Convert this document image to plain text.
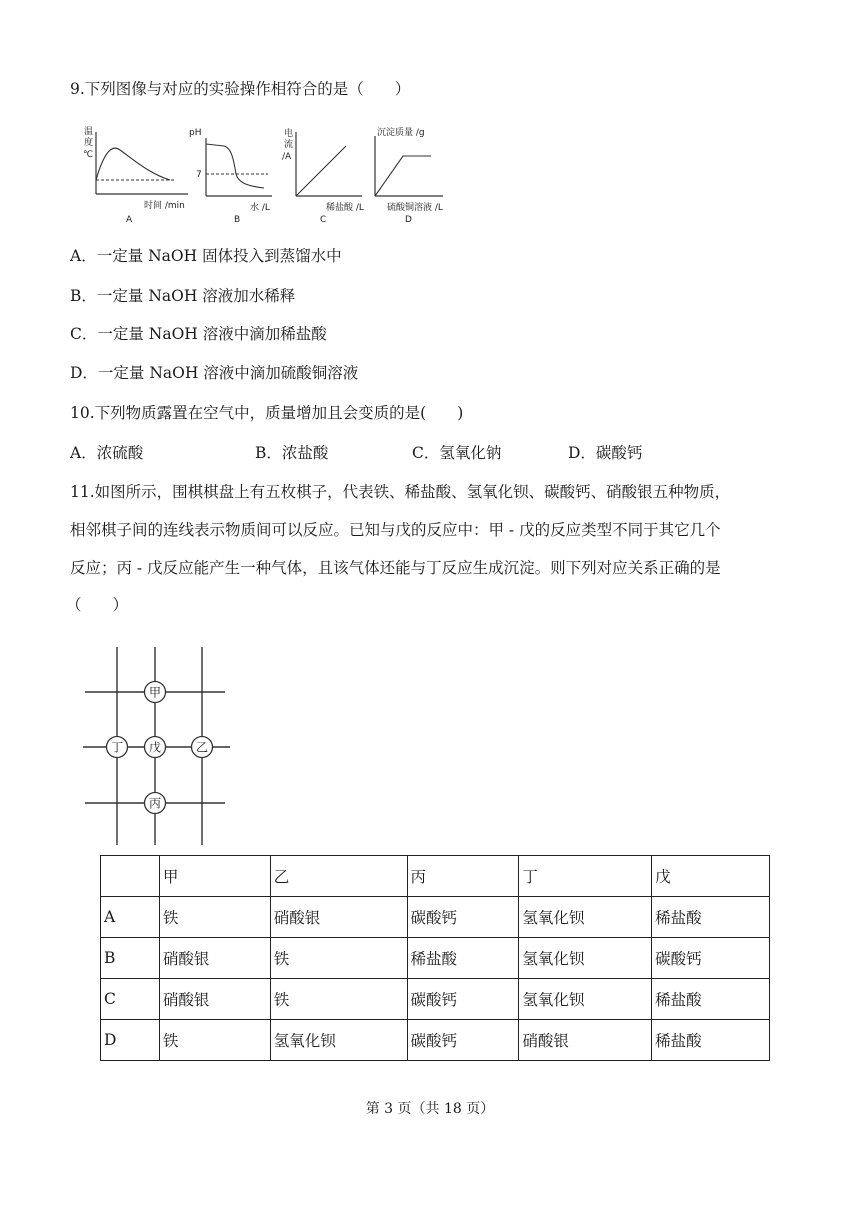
9.下列图像与对应的实验操作相符合的是（　　）
温
度
℃
时间 /min
A
pH
7
水 /L
B
电
流
/A
稀盐酸 /L
C
沉淀质量 /g
硫酸铜溶液 /L
D
A．一定量 NaOH 固体投入到蒸馏水中
B．一定量 NaOH 溶液加水稀释
C．一定量 NaOH 溶液中滴加稀盐酸
D．一定量 NaOH 溶液中滴加硫酸铜溶液
10.下列物质露置在空气中，质量增加且会变质的是(　　)
A．浓硫酸	B．浓盐酸	C．氢氧化钠	D．碳酸钙
11.如图所示，围棋棋盘上有五枚棋子，代表铁、稀盐酸、氢氧化钡、碳酸钙、硝酸银五种物质，
相邻棋子间的连线表示物质间可以反应。已知与戊的反应中：甲 - 戊的反应类型不同于其它几个
反应；丙 - 戊反应能产生一种气体，且该气体还能与丁反应生成沉淀。则下列对应关系正确的是
（　　）
甲
丁 戊	乙
丙
	甲	乙	丙	丁	戊
A	铁	硝酸银	碳酸钙	氢氧化钡	稀盐酸
B	硝酸银	铁	稀盐酸	氢氧化钡	碳酸钙
C	硝酸银	铁	碳酸钙	氢氧化钡	稀盐酸
D	铁	氢氧化钡	碳酸钙	硝酸银	稀盐酸
第 3 页（共 18 页）
